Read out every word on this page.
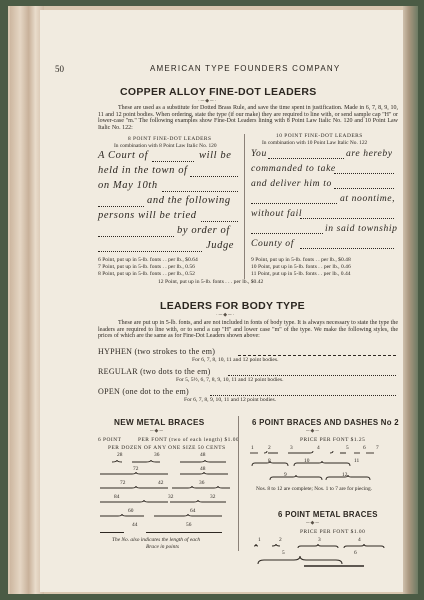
50	AMERICAN TYPE FOUNDERS COMPANY
COPPER ALLOY FINE-DOT LEADERS
·─◆─·
These are used as a substitute for Dotted Brass Rule, and save the time spent in justification. Made in 6, 7, 8, 9, 10, 11 and 12 point bodies. When ordering, state the type (if our make) they are required to line with, or send sample cap "H" or lower-case "m." The following examples show Fine-Dot Leaders lining with 8 Point Law Italic No. 120 and 10 Point Law Italic No. 122:
8 POINT FINE-DOT LEADERS
In combination with 8 Point Law Italic No. 120
A Court of	will be
held in the town of
on May 10th
and the following
persons will be tried
by order of
Judge
6 Point, put up in 5-lb. fonts . . per lb., $0.64
7 Point, put up in 5-lb. fonts . . per lb., 0.56
8 Point, put up in 5-lb. fonts . . per lb., 0.52
10 POINT FINE-DOT LEADERS
In combination with 10 Point Law Italic No. 122
You	are hereby
commanded to take
and deliver him to
at noontime,
without fail
in said township
County of
9 Point, put up in 5-lb. fonts . . per lb., $0.48
10 Point, put up in 5-lb. fonts . . per lb., 0.46
11 Point, put up in 5-lb. fonts . . per lb., 0.44
12 Point, put up in 5-lb. fonts . . . per lb., $0.42
LEADERS FOR BODY TYPE
·─◆─·
These are put up in 5-lb. fonts, and are not included in fonts of body type. It is always necessary to state the type the leaders are required to line with, or to send a cap "H" and lower case "m" of the type. We make the following styles, the prices of which are the same as for Fine-Dot Leaders shown above:
HYPHEN (two strokes to the em)
For 6, 7, 8, 10, 11 and 12 point bodies.
REGULAR (two dots to the em)
For 5, 5½, 6, 7, 8, 9, 10, 11 and 12 point bodies.
OPEN (one dot to the em)
For 6, 7, 8, 9, 10, 11 and 12 point bodies.
NEW METAL BRACES
─◆─
6 POINT	PER FONT (two of each length) $1.00
PER DOZEN OF ANY ONE SIZE 50 CENTS
28	36	48
72	48
72	42	36
84	32	32
60	64
44	56
The No. also indicates the length of each
Brace in points
6 POINT BRACES AND DASHES No 2
─◆─
PRICE PER FONT $1.25
1	2	3	4	5	6 7
8	10	11
9	12
Nos. 8 to 12 are complete; Nos. 1 to 7 are for piecing.
6 POINT METAL BRACES
─◆─
PRICE PER FONT $1.00
1	2	3	4
5	6
